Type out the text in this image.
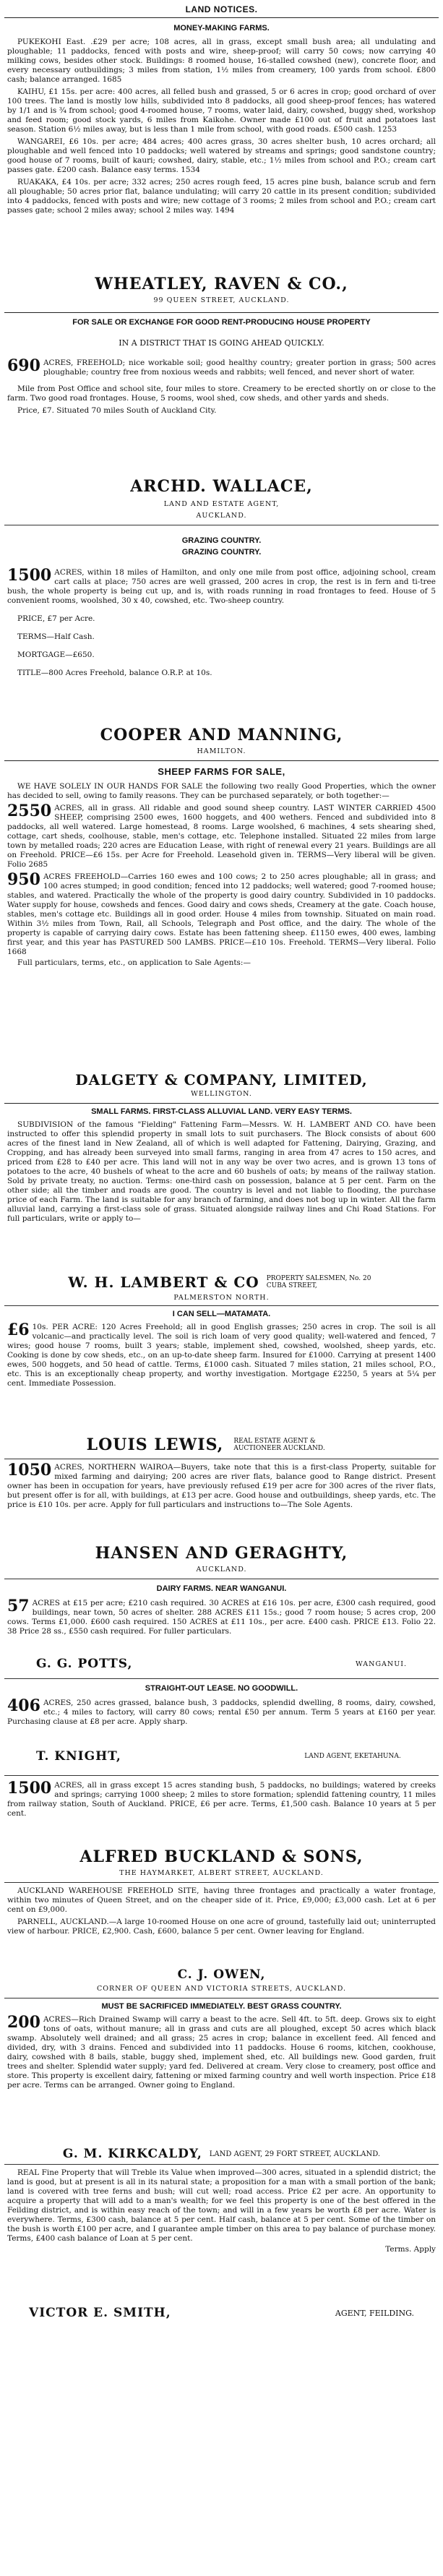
LAND NOTICES.
MONEY-MAKING FARMS.

PUKEKOHI East. .£29 per acre; 108 acres, all in grass, except small bush area; all undulating and ploughable; 11 paddocks, fenced with posts and wire, sheep-proof; will carry 50 cows; now carrying 40 milking cows, besides other stock. Buildings: 8 roomed house, 16-stalled cowshed (new), concrete floor, and every necessary outbuildings; 3 miles from station, 1½ miles from creamery, 100 yards from school. £800 cash; balance arranged. 1685

KAIHU, £1 15s. per acre: 400 acres, all felled bush and grassed, 5 or 6 acres in crop; good orchard of over 100 trees. The land is mostly low hills, subdivided into 8 paddocks, all good sheep-proof fences; has watered by 1/1 and is ¾ from school; good 4-roomed house, 7 rooms, water laid, dairy, cowshed, buggy shed, workshop and feed room; good stock yards, 6 miles from Kaikohe. Owner made £100 out of fruit and potatoes last season. Station 6½ miles away, but is less than 1 mile from school, with good roads. £500 cash. 1253

WANGAREI, £6 10s. per acre; 484 acres; 400 acres grass, 30 acres shelter bush, 10 acres orchard; all ploughable and well fenced into 10 paddocks; well watered by streams and springs; good sandstone country; good house of 7 rooms, built of kauri; cowshed, dairy, stable, etc.; 1½ miles from school and P.O.; cream cart passes gate. £200 cash. Balance easy terms. 1534

RUAKAKA, £4 10s. per acre; 332 acres; 250 acres rough feed, 15 acres pine bush, balance scrub and fern all ploughable; 50 acres prior flat, balance undulating; will carry 20 cattle in its present condition; subdivided into 4 paddocks, fenced with posts and wire; new cottage of 3 rooms; 2 miles from school and P.O.; cream cart passes gate; school 2 miles away; school 2 miles way. 1494

WHEATLEY, RAVEN & CO.,
99 QUEEN STREET, AUCKLAND.
FOR SALE OR EXCHANGE FOR GOOD RENT-PRODUCING HOUSE PROPERTY
IN A DISTRICT THAT IS GOING AHEAD QUICKLY.

690 ACRES, FREEHOLD; nice workable soil; good healthy country; greater portion in grass; 500 acres ploughable; country free from noxious weeds and rabbits; well fenced, and never short of water.

Mile from Post Office and school site, four miles to store. Creamery to be erected shortly on or close to the farm. Two good road frontages. House, 5 rooms, wool shed, cow sheds, and other yards and sheds.

Price, £7. Situated 70 miles South of Auckland City.

ARCHD. WALLACE,
LAND AND ESTATE AGENT,
AUCKLAND.
GRAZING COUNTRY.
GRAZING COUNTRY.

1500 ACRES, within 18 miles of Hamilton, and only one mile from post office, adjoining school, cream cart calls at place; 750 acres are well grassed, 200 acres in crop, the rest is in fern and ti-tree bush, the whole property is being cut up, and is, with roads running in road frontages to feed. House of 5 convenient rooms, woolshed, 30 x 40, cowshed, etc. Two-sheep country.

PRICE, £7 per Acre.

TERMS—Half Cash.

MORTGAGE—£650.

TITLE—800 Acres Freehold, balance O.R.P. at 10s.

COOPER AND MANNING,
HAMILTON.
SHEEP FARMS FOR SALE,

WE HAVE SOLELY IN OUR HANDS FOR SALE the following two really Good Properties, which the owner has decided to sell, owing to family reasons. They can be purchased separately, or both together:—

2550 ACRES, all in grass. All ridable and good sound sheep country. LAST WINTER CARRIED 4500 SHEEP, comprising 2500 ewes, 1600 hoggets, and 400 wethers. Fenced and subdivided into 8 paddocks, all well watered. Large homestead, 8 rooms. Large woolshed, 6 machines, 4 sets shearing shed, cottage, cart sheds, coolhouse, stable, men's cottage, etc. Telephone installed. Situated 22 miles from large town by metalled roads; 220 acres are Education Lease, with right of renewal every 21 years. Buildings are all on Freehold. PRICE—£6 15s. per Acre for Freehold. Leasehold given in. TERMS—Very liberal will be given. Folio 2685

950 ACRES FREEHOLD—Carries 160 ewes and 100 cows; 2 to 250 acres ploughable; all in grass; and 100 acres stumped; in good condition; fenced into 12 paddocks; well watered; good 7-roomed house; stables, and watered. Practically the whole of the property is good dairy country. Subdivided in 10 paddocks. Water supply for house, cowsheds and fences. Good dairy and cows sheds, Creamery at the gate. Coach house, stables, men's cottage etc. Buildings all in good order. House 4 miles from township. Situated on main road. Within 3½ miles from Town, Rail, all Schools, Telegraph and Post office, and the dairy. The whole of the property is capable of carrying dairy cows. Estate has been fattening sheep. £1150 ewes, 400 ewes, lambing first year, and this year has PASTURED 500 LAMBS. PRICE—£10 10s. Freehold. TERMS—Very liberal. Folio 1668

Full particulars, terms, etc., on application to Sale Agents:—

DALGETY & COMPANY, LIMITED,
WELLINGTON.
SMALL FARMS. FIRST-CLASS ALLUVIAL LAND. VERY EASY TERMS.

SUBDIVISION of the famous "Fielding" Fattening Farm—Messrs. W. H. LAMBERT AND CO. have been instructed to offer this splendid property in small lots to suit purchasers. The Block consists of about 600 acres of the finest land in New Zealand, all of which is well adapted for Fattening, Dairying, Grazing, and Cropping, and has already been surveyed into small farms, ranging in area from 47 acres to 150 acres, and priced from £28 to £40 per acre. This land will not in any way be over two acres, and is grown 13 tons of potatoes to the acre, 40 bushels of wheat to the acre and 60 bushels of oats; by means of the railway station. Sold by private treaty, no auction. Terms: one-third cash on possession, balance at 5 per cent. Farm on the other side; all the timber and roads are good. The country is level and not liable to flooding, the purchase price of each Farm. The land is suitable for any branch of farming, and does not bog up in winter. All the farm alluvial land, carrying a first-class sole of grass. Situated alongside railway lines and Chi Road Stations. For full particulars, write or apply to—

W. H. LAMBERT & CO PROPERTY SALESMEN, No. 20 CUBA STREET,
PALMERSTON NORTH.
I CAN SELL—MATAMATA.

£6 10s. PER ACRE: 120 Acres Freehold; all in good English grasses; 250 acres in crop. The soil is all volcanic—and practically level. The soil is rich loam of very good quality; well-watered and fenced, 7 wires; good house 7 rooms, built 3 years; stable, implement shed, cowshed, woolshed, sheep yards, etc. Cooking is done by cow sheds, etc., on an up-to-date sheep farm. Insured for £1000. Carrying at present 1400 ewes, 500 hoggets, and 50 head of cattle. Terms, £1000 cash. Situated 7 miles station, 21 miles school, P.O., etc. This is an exceptionally cheap property, and worthy investigation. Mortgage £2250, 5 years at 5¼ per cent. Immediate Possession.

LOUIS LEWIS, REAL ESTATE AGENT & AUCTIONEER AUCKLAND.

1050 ACRES, NORTHERN WAIROA—Buyers, take note that this is a first-class Property, suitable for mixed farming and dairying; 200 acres are river flats, balance good to Range district. Present owner has been in occupation for years, have previously refused £19 per acre for 300 acres of the river flats, but present offer is for all, with buildings, at £13 per acre. Good house and outbuildings, sheep yards, etc. The price is £10 10s. per acre. Apply for full particulars and instructions to—The Sole Agents.

HANSEN AND GERAGHTY,
AUCKLAND.
DAIRY FARMS. NEAR WANGANUI.

57 ACRES at £15 per acre; £210 cash required. 30 ACRES at £16 10s. per acre, £300 cash required, good buildings, near town, 50 acres of shelter. 288 ACRES £11 15s.; good 7 room house; 5 acres crop, 200 cows. Terms £1,000. £600 cash required. 150 ACRES at £11 10s., per acre. £400 cash. PRICE £13. Folio 22. 38 Price 28 ss., £550 cash required. For fuller particulars.

G. G. POTTS,	WANGANUI.
STRAIGHT-OUT LEASE. NO GOODWILL.

406 ACRES, 250 acres grassed, balance bush, 3 paddocks, splendid dwelling, 8 rooms, dairy, cowshed, etc.; 4 miles to factory, will carry 80 cows; rental £50 per annum. Term 5 years at £160 per year. Purchasing clause at £8 per acre. Apply sharp.

T. KNIGHT,	LAND AGENT, EKETAHUNA.

1500 ACRES, all in grass except 15 acres standing bush, 5 paddocks, no buildings; watered by creeks and springs; carrying 1000 sheep; 2 miles to store formation; splendid fattening country, 11 miles from railway station, South of Auckland. PRICE, £6 per acre. Terms, £1,500 cash. Balance 10 years at 5 per cent.

ALFRED BUCKLAND & SONS,
THE HAYMARKET, ALBERT STREET, AUCKLAND.

AUCKLAND WAREHOUSE FREEHOLD SITE, having three frontages and practically a water frontage, within two minutes of Queen Street, and on the cheaper side of it. Price, £9,000; £3,000 cash. Let at 6 per cent on £9,000.

PARNELL, AUCKLAND.—A large 10-roomed House on one acre of ground, tastefully laid out; uninterrupted view of harbour. PRICE, £2,900. Cash, £600, balance 5 per cent. Owner leaving for England.

C. J. OWEN,
CORNER OF QUEEN AND VICTORIA STREETS, AUCKLAND.
MUST BE SACRIFICED IMMEDIATELY. BEST GRASS COUNTRY.

200 ACRES—Rich Drained Swamp will carry a beast to the acre. Sell 4ft. to 5ft. deep. Grows six to eight tons of oats, without manure; all in grass and cuts are all ploughed, except 50 acres which black swamp. Absolutely well drained; and all grass; 25 acres in crop; balance in excellent feed. All fenced and divided, dry, with 3 drains. Fenced and subdivided into 11 paddocks. House 6 rooms, kitchen, cookhouse, dairy, cowshed with 8 bails, stable, buggy shed, implement shed, etc. All buildings new. Good garden, fruit trees and shelter. Splendid water supply; yard fed. Delivered at cream. Very close to creamery, post office and store. This property is excellent dairy, fattening or mixed farming country and well worth inspection. Price £18 per acre. Terms can be arranged. Owner going to England.

G. M. KIRKCALDY, LAND AGENT, 29 FORT STREET, AUCKLAND.

REAL Fine Property that will Treble its Value when improved—300 acres, situated in a splendid district; the land is good, but at present is all in its natural state; a proposition for a man with a small portion of the bank; land is covered with tree ferns and bush; will cut well; road access. Price £2 per acre. An opportunity to acquire a property that will add to a man's wealth; for we feel this property is one of the best offered in the Feilding district, and is within easy reach of the town; and will in a few years be worth £8 per acre. Water is everywhere. Terms, £300 cash, balance at 5 per cent. Half cash, balance at 5 per cent. Some of the timber on the bush is worth £100 per acre, and I guarantee ample timber on this area to pay balance of purchase money. Terms, £400 cash balance of Loan at 5 per cent.

Terms. Apply

VICTOR E. SMITH,	AGENT, FEILDING.
